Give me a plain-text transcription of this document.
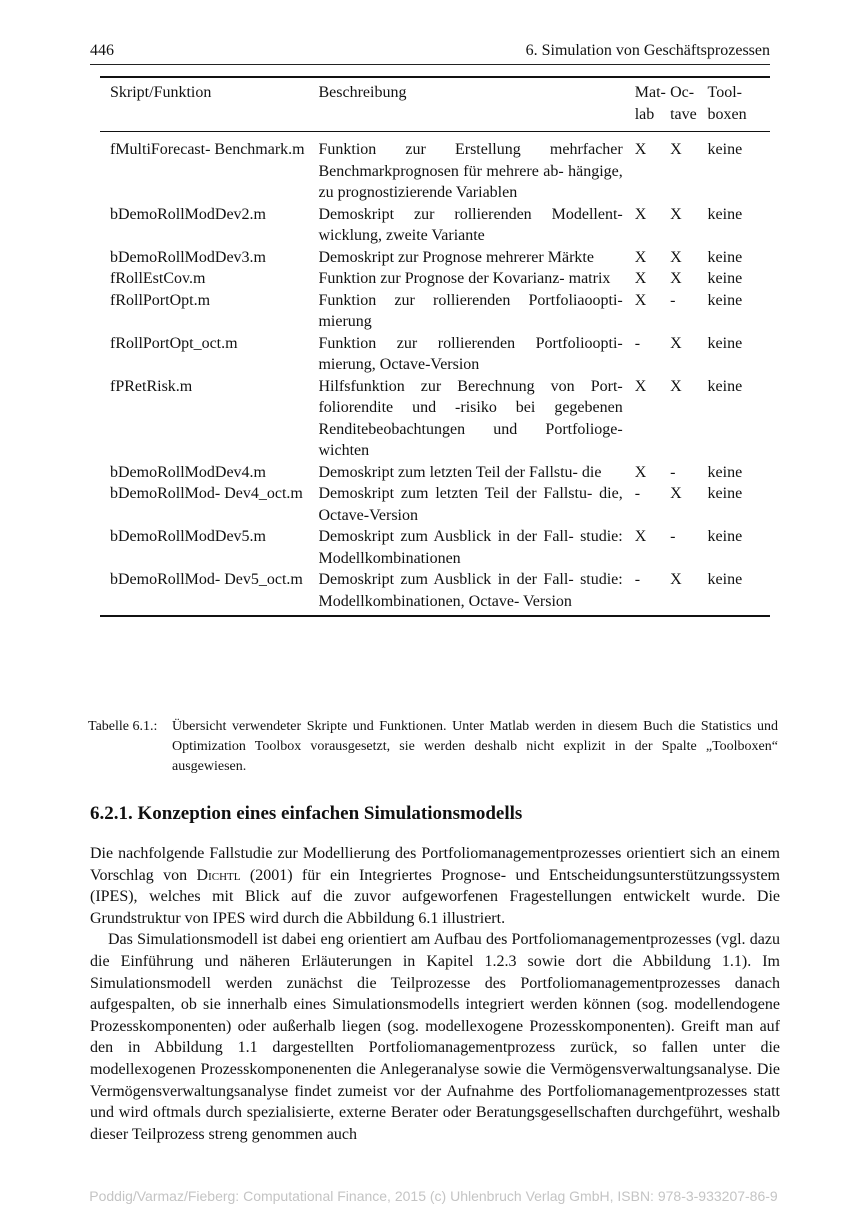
446	6. Simulation von Geschäftsprozessen
Skript/Funktion	Beschreibung	Mat- lab	Oc- tave	Tool- boxen
fMultiForecast- Benchmark.m	Funktion zur Erstellung mehrfacher Benchmarkprognosen für mehrere ab- hängige, zu prognostizierende Variablen	X	X	keine
bDemoRollModDev2.m	Demoskript zur rollierenden Modellent- wicklung, zweite Variante	X	X	keine
bDemoRollModDev3.m	Demoskript zur Prognose mehrerer Märkte	X	X	keine
fRollEstCov.m	Funktion zur Prognose der Kovarianz- matrix	X	X	keine
fRollPortOpt.m	Funktion zur rollierenden Portfoliaoopti- mierung	X	-	keine
fRollPortOpt_oct.m	Funktion zur rollierenden Portfolioopti- mierung, Octave-Version	-	X	keine
fPRetRisk.m	Hilfsfunktion zur Berechnung von Port- foliorendite und -risiko bei gegebenen Renditebeobachtungen und Portfolioge- wichten	X	X	keine
bDemoRollModDev4.m	Demoskript zum letzten Teil der Fallstu- die	X	-	keine
bDemoRollMod- Dev4_oct.m	Demoskript zum letzten Teil der Fallstu- die, Octave-Version	-	X	keine
bDemoRollModDev5.m	Demoskript zum Ausblick in der Fall- studie: Modellkombinationen	X	-	keine
bDemoRollMod- Dev5_oct.m	Demoskript zum Ausblick in der Fall- studie: Modellkombinationen, Octave- Version	-	X	keine
Tabelle 6.1.: Übersicht verwendeter Skripte und Funktionen. Unter Matlab werden in diesem Buch die Statistics und Optimization Toolbox vorausgesetzt, sie werden deshalb nicht explizit in der Spalte „Toolboxen“ ausgewiesen.
6.2.1. Konzeption eines einfachen Simulationsmodells

Die nachfolgende Fallstudie zur Modellierung des Portfoliomanagementprozesses orientiert sich an einem Vorschlag von Dichtl (2001) für ein Integriertes Prognose- und Entscheidungsunterstützungssystem (IPES), welches mit Blick auf die zuvor aufgeworfenen Fragestellungen entwickelt wurde. Die Grundstruktur von IPES wird durch die Abbildung 6.1 illustriert.

Das Simulationsmodell ist dabei eng orientiert am Aufbau des Portfoliomanagementprozesses (vgl. dazu die Einführung und näheren Erläuterungen in Kapitel 1.2.3 sowie dort die Abbildung 1.1). Im Simulationsmodell werden zunächst die Teilprozesse des Portfoliomanagementprozesses danach aufgespalten, ob sie innerhalb eines Simulationsmodells integriert werden können (sog. modellendogene Prozesskomponenten) oder außerhalb liegen (sog. modellexogene Prozesskomponenten). Greift man auf den in Abbildung 1.1 dargestellten Portfoliomanagementprozess zurück, so fallen unter die modellexogenen Prozesskomponenenten die Anlegeranalyse sowie die Vermögensverwaltungsanalyse. Die Vermögensverwaltungsanalyse findet zumeist vor der Aufnahme des Portfoliomanagementprozesses statt und wird oftmals durch spezialisierte, externe Berater oder Beratungsgesellschaften durchgeführt, weshalb dieser Teilprozess streng genommen auch

Poddig/Varmaz/Fieberg: Computational Finance, 2015 (c) Uhlenbruch Verlag GmbH, ISBN: 978-3-933207-86-9
